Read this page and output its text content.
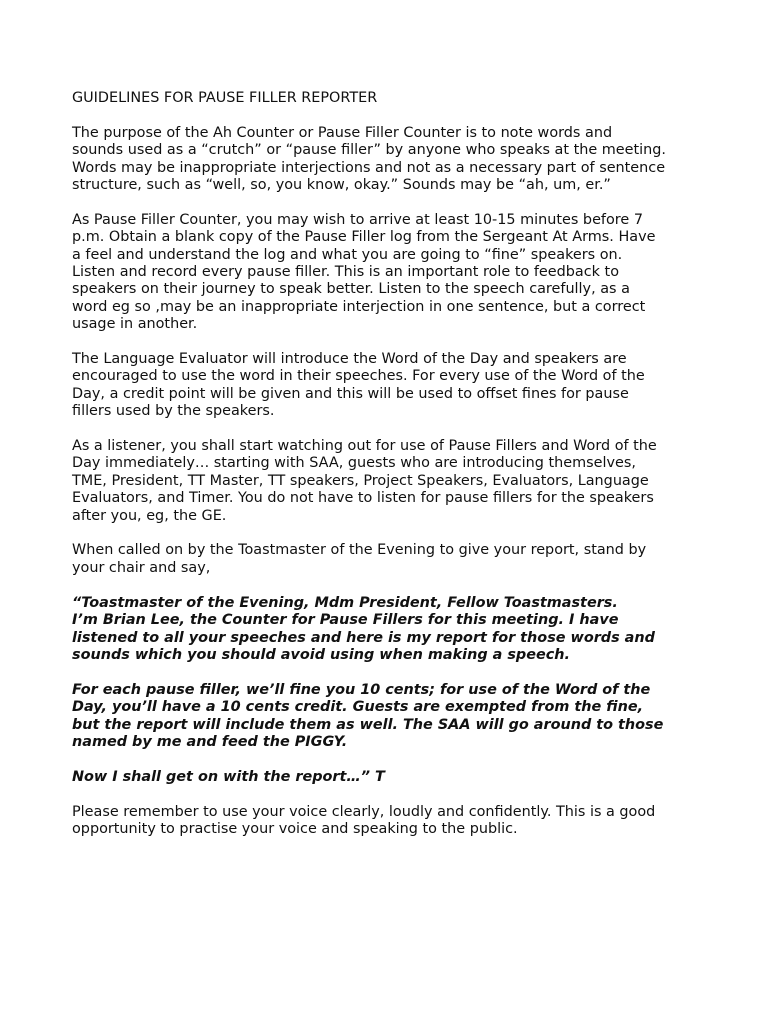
GUIDELINES FOR PAUSE FILLER REPORTER
The purpose of the Ah Counter or Pause Filler Counter is to note words and
sounds used as a “crutch” or “pause filler” by anyone who speaks at the meeting.
Words may be inappropriate interjections and not as a necessary part of sentence
structure, such as “well, so, you know, okay.” Sounds may be “ah, um, er.”
As Pause Filler Counter, you may wish to arrive at least 10-15 minutes before 7
p.m. Obtain a blank copy of the Pause Filler log from the Sergeant At Arms. Have
a feel and understand the log and what you are going to “fine” speakers on.
Listen and record every pause filler. This is an important role to feedback to
speakers on their journey to speak better. Listen to the speech carefully, as a
word eg so ,may be an inappropriate interjection in one sentence, but a correct
usage in another.
The Language Evaluator will introduce the Word of the Day and speakers are
encouraged to use the word in their speeches. For every use of the Word of the
Day, a credit point will be given and this will be used to offset fines for pause
fillers used by the speakers.
As a listener, you shall start watching out for use of Pause Fillers and Word of the
Day immediately… starting with SAA, guests who are introducing themselves,
TME, President, TT Master, TT speakers, Project Speakers, Evaluators, Language
Evaluators, and Timer. You do not have to listen for pause fillers for the speakers
after you, eg, the GE.
When called on by the Toastmaster of the Evening to give your report, stand by
your chair and say,
“Toastmaster of the Evening, Mdm President, Fellow Toastmasters.
I’m Brian Lee, the Counter for Pause Fillers for this meeting. I have
listened to all your speeches and here is my report for those words and
sounds which you should avoid using when making a speech.
For each pause filler, we’ll fine you 10 cents; for use of the Word of the
Day, you’ll have a 10 cents credit. Guests are exempted from the fine,
but the report will include them as well. The SAA will go around to those
named by me and feed the PIGGY.
Now I shall get on with the report…” T
Please remember to use your voice clearly, loudly and confidently. This is a good
opportunity to practise your voice and speaking to the public.
